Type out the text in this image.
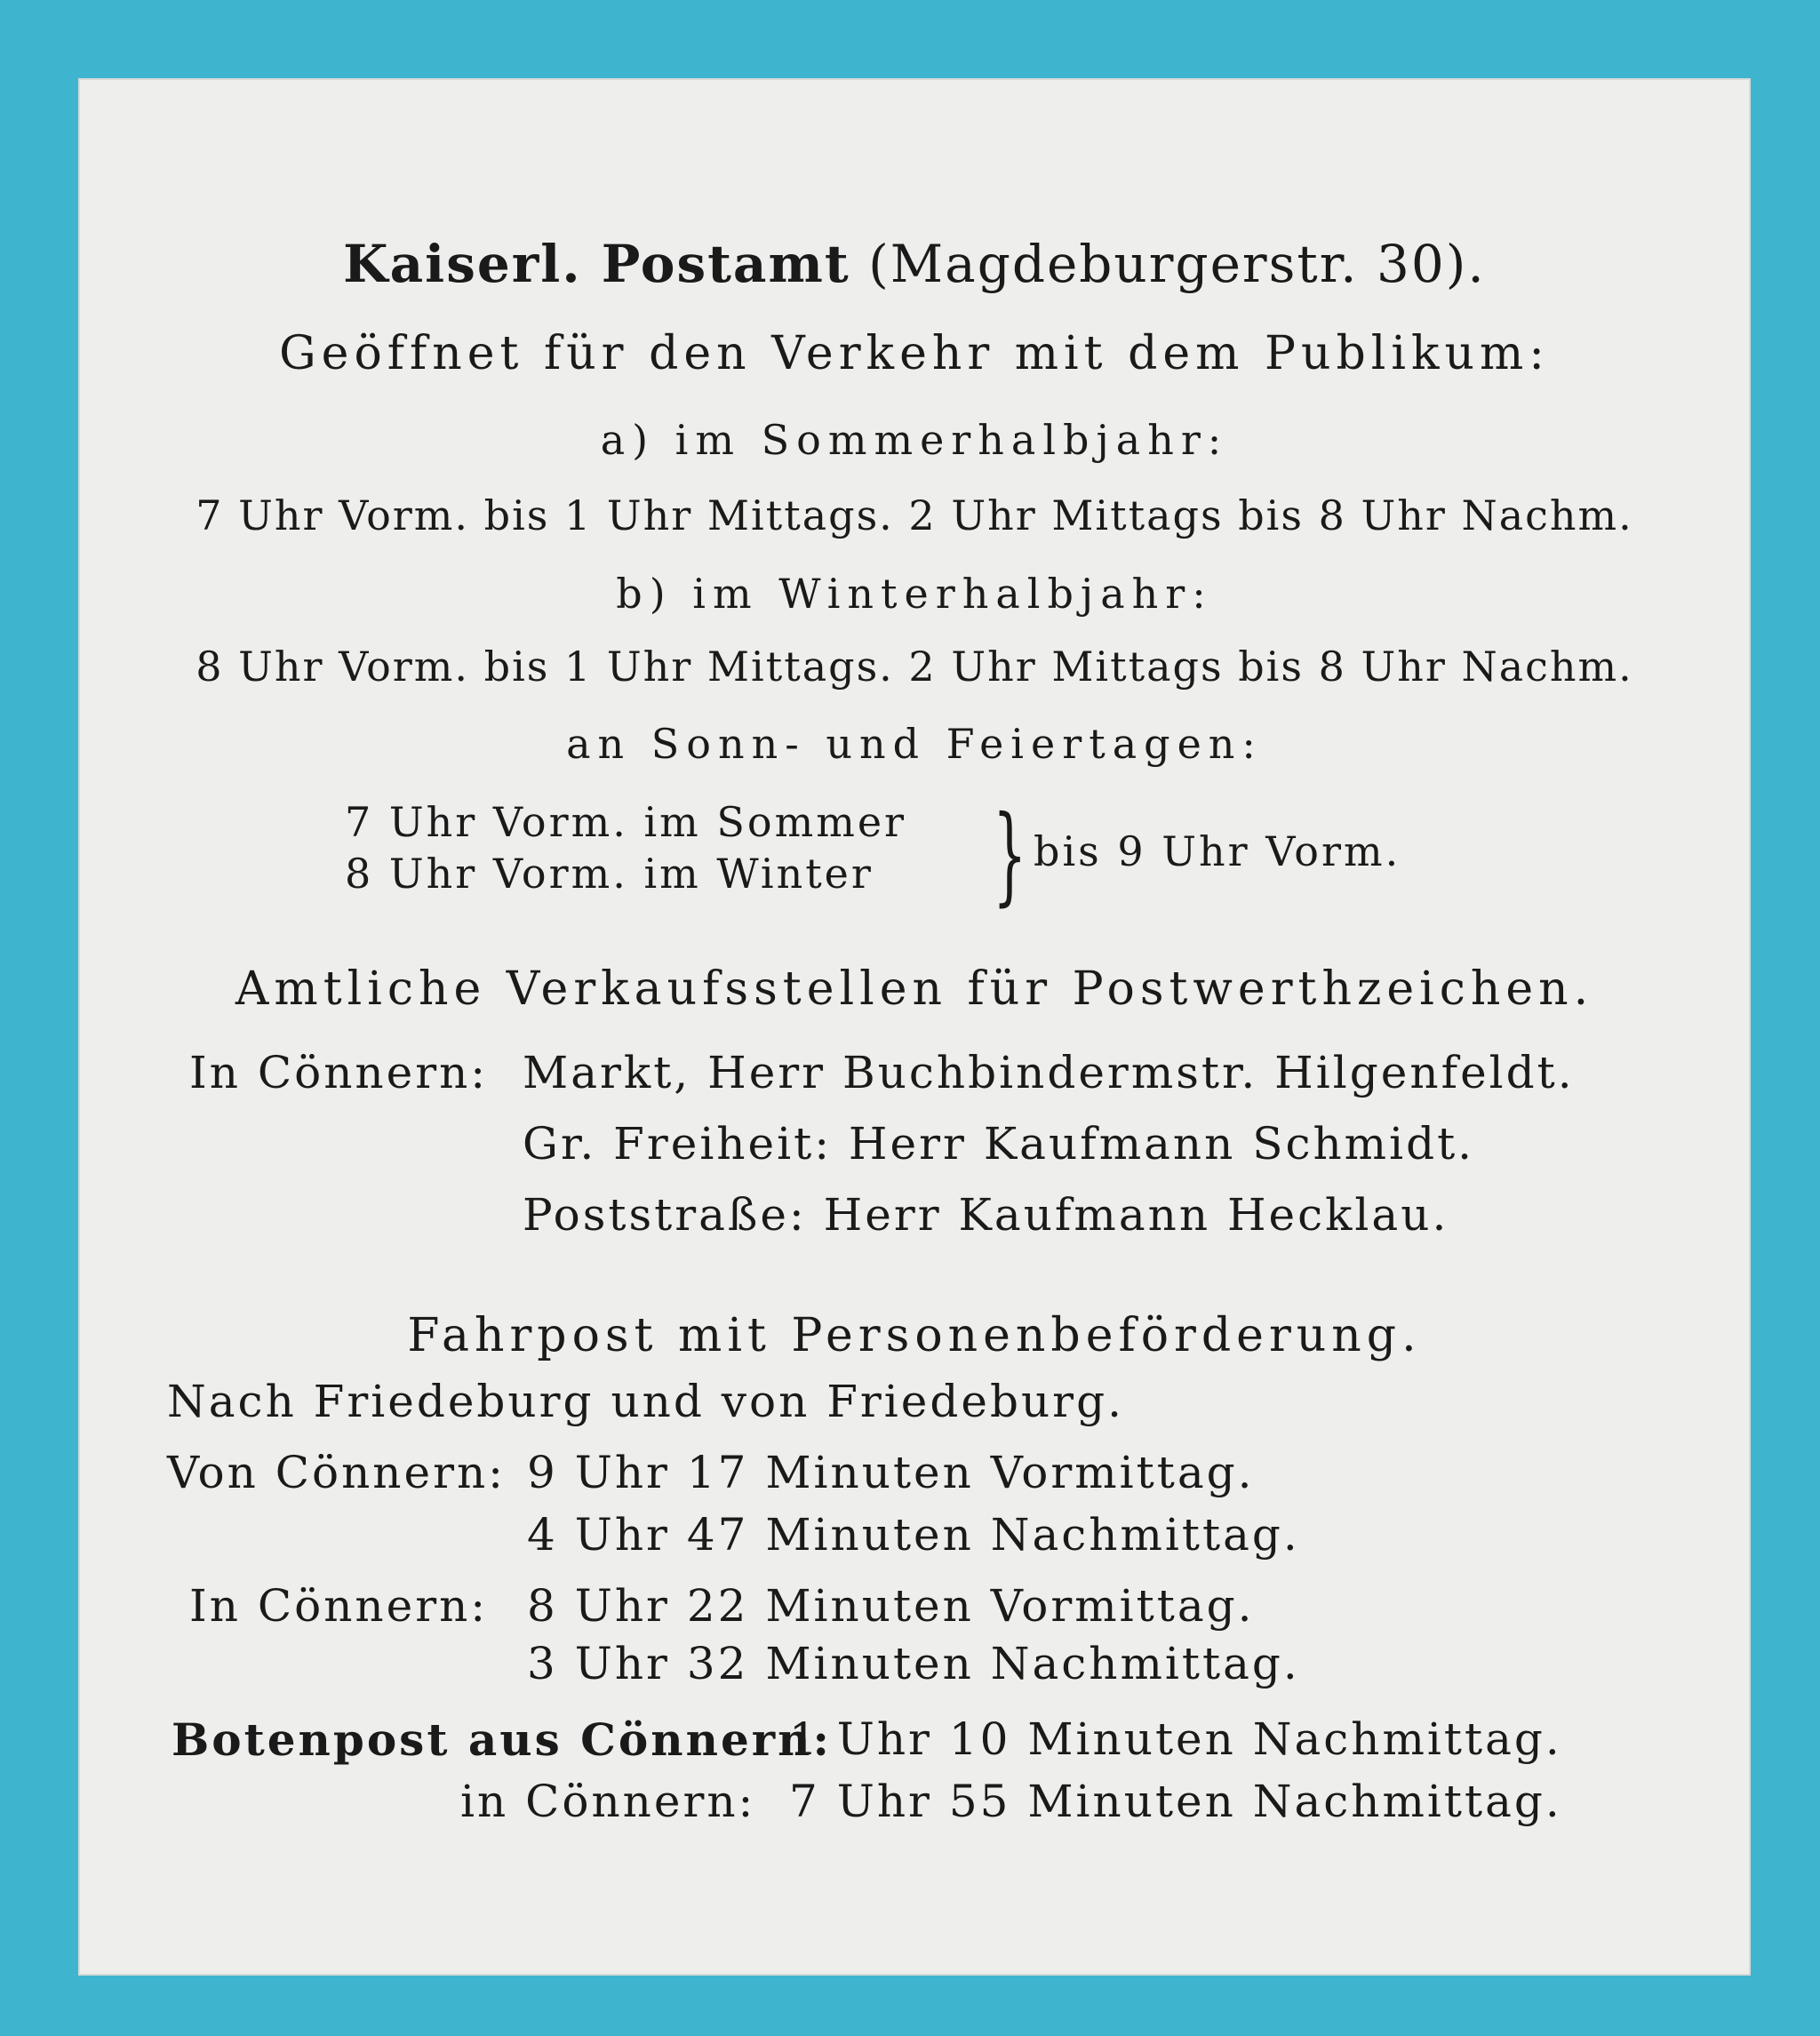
Kaiserl. Postamt (Magdeburgerstr. 30).
Geöffnet für den Verkehr mit dem Publikum:
a) im Sommerhalbjahr:
7 Uhr Vorm. bis 1 Uhr Mittags. 2 Uhr Mittags bis 8 Uhr Nachm.
b) im Winterhalbjahr:
8 Uhr Vorm. bis 1 Uhr Mittags. 2 Uhr Mittags bis 8 Uhr Nachm.
an Sonn- und Feiertagen:
7 Uhr Vorm. im Sommer
8 Uhr Vorm. im Winter	} bis 9 Uhr Vorm.
Amtliche Verkaufsstellen für Postwerthzeichen.
In Cönnern: Markt, Herr Buchbindermstr. Hilgenfeldt.
Gr. Freiheit: Herr Kaufmann Schmidt.
Poststraße: Herr Kaufmann Hecklau.
Fahrpost mit Personenbeförderung.
Nach Friedeburg und von Friedeburg.
Von Cönnern: 9 Uhr 17 Minuten Vormittag.
4 Uhr 47 Minuten Nachmittag.
In Cönnern: 8 Uhr 22 Minuten Vormittag.
3 Uhr 32 Minuten Nachmittag.
Botenpost aus Cönnern:
1 Uhr 10 Minuten Nachmittag.
in Cönnern: 7 Uhr 55 Minuten Nachmittag.
